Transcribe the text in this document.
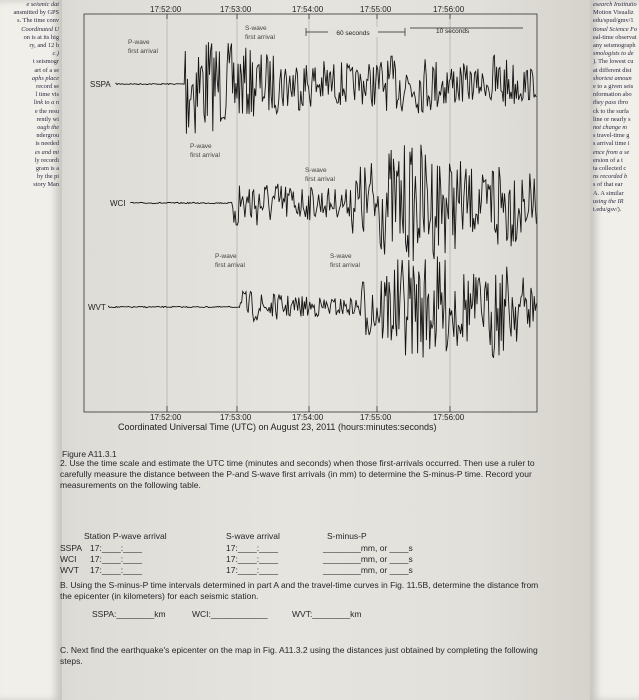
e seismic dat
ansmitted by GPS
s. The time conv
Coordinated U
on is at its hig
ry, and 12 h
c.)
t seismogr
art of a se
aphs place
record se
l time vis
link to a n
e the resu
rently wi
ough the
ndergrou
is needed
es and mi
ly recordi
gram is a
by the pi
story Man
esearch Institutio
Motion Visualiz
edu/spud/gmv/1
tional Science Fo
eal-time observat
any seismograph
smologists to de
). The lowest cu
at different dist
shortest amoun
e to a given seis
nformation abo
they pass thro
ck to the surfa
line or nearly s
not change m
s travel-time g
s arrival time i
ence from a se
ersion of a t
ta collected c
ns recorded b
s of that ear
A. A similar
using the IR
t.edu/gsv/).
17:52:00	17:53:00	17:54:00	17:55:00	17:56:00
17:52:00	17:53:00	17:54:00	17:55:00	17:56:00
60 seconds	10 seconds
SSPA
P-wave first arrival
S-wave first arrival
WCI
P-wave first arrival
S-wave first arrival
WVT
P-wave first arrival
S-wave first arrival
Coordinated Universal Time (UTC) on August 23, 2011 (hours:minutes:seconds)
Figure A11.3.1
2. Use the time scale and estimate the UTC time (minutes and seconds) when those first-arrivals occurred. Then use a ruler to carefully measure the distance between the P-and S-wave first arrivals (in mm) to determine the S-minus-P time. Record your measurements on the following table.
Station P-wave arrival	S-wave arrival	S-minus-P
SSPA 17:____:____	17:____:____	________mm, or ____s
WCI 17:____:____	17:____:____	________mm, or ____s
WVT 17:____:____	17:____:____	________mm, or ____s
B. Using the S-minus-P time intervals determined in part A and the travel-time curves in Fig. 11.5B, determine the distance from the epicenter (in kilometers) for each seismic station.
SSPA:________km	WCI:____________	WVT:________km
C. Next find the earthquake's epicenter on the map in Fig. A11.3.2 using the distances just obtained by completing the following steps.
